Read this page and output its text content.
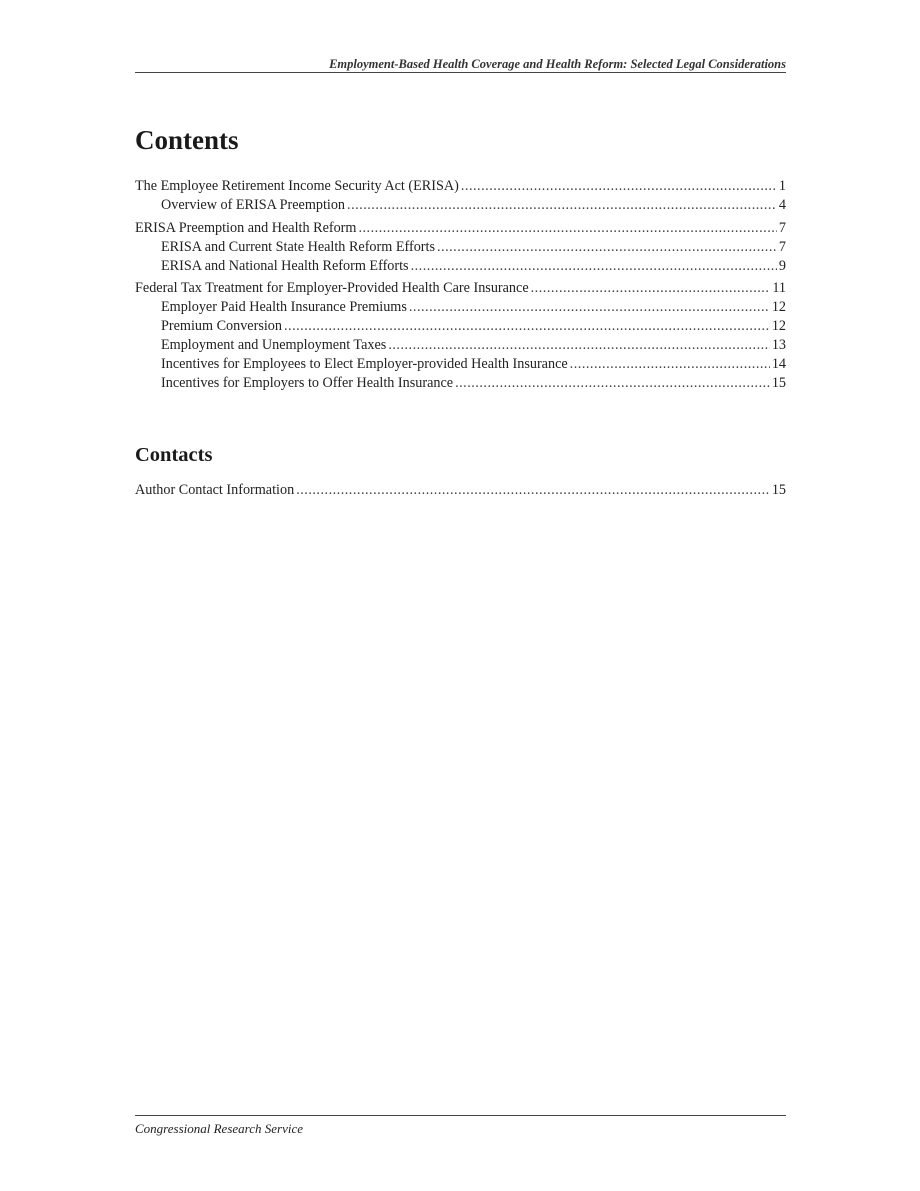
Employment-Based Health Coverage and Health Reform: Selected Legal Considerations
Contents
The Employee Retirement Income Security Act (ERISA) .....	1
Overview of ERISA Preemption .....	4
ERISA Preemption and Health Reform .....	7
ERISA and Current State Health Reform Efforts .....	7
ERISA and National Health Reform Efforts .....	9
Federal Tax Treatment for Employer-Provided Health Care Insurance .....	11
Employer Paid Health Insurance Premiums .....	12
Premium Conversion .....	12
Employment and Unemployment Taxes .....	13
Incentives for Employees to Elect Employer-provided Health Insurance .....	14
Incentives for Employers to Offer Health Insurance .....	15
Contacts
Author Contact Information .....	15
Congressional Research Service
